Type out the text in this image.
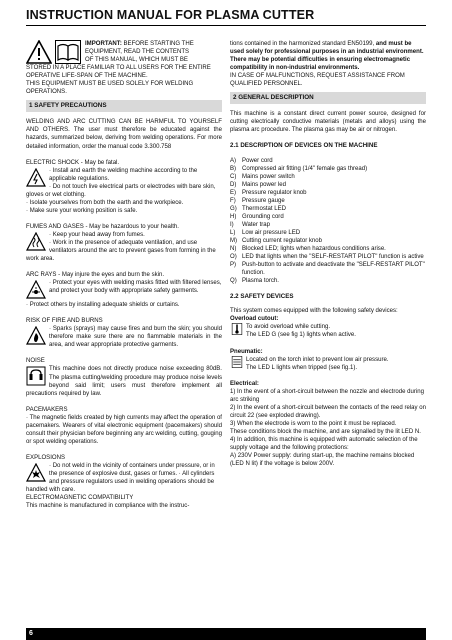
INSTRUCTION MANUAL FOR PLASMA CUTTER
IMPORTANT: BEFORE STARTING THE
EQUIPMENT, READ THE CONTENTS
OF THIS MANUAL, WHICH MUST BE

STORED IN A PLACE FAMILIAR TO ALL USERS FOR THE ENTIRE OPERATIVE LIFE-SPAN OF THE MACHINE.

THIS EQUIPMENT MUST BE USED SOLELY FOR WELDING OPERATIONS.

1 SAFETY PRECAUTIONS

WELDING AND ARC CUTTING CAN BE HARMFUL TO YOURSELF AND OTHERS. The user must therefore be educated against the hazards, summarized below, deriving from welding operations. For more detailed information, order the manual code 3.300.758

ELECTRIC SHOCK - May be fatal.

· Install and earth the welding machine according to the applicable regulations.

· Do not touch live electrical parts or electrodes with bare skin, gloves or wet clothing.

· Isolate yourselves from both the earth and the workpiece.

· Make sure your working position is safe.

FUMES AND GASES - May be hazardous to your health.

· Keep your head away from fumes.

· Work in the presence of adequate ventilation, and use ventilators around the arc to prevent gases from forming in the work area.

ARC RAYS - May injure the eyes and burn the skin.

· Protect your eyes with welding masks fitted with filtered lenses, and protect your body with appropriate safety garments.

· Protect others by installing adequate shields or curtains.

RISK OF FIRE AND BURNS

· Sparks (sprays) may cause fires and burn the skin; you should therefore make sure there are no flammable materials in the area, and wear appropriate protective garments.

NOISE

This machine does not directly produce noise exceeding 80dB. The plasma cutting/welding procedure may produce noise levels beyond said limit; users must therefore implement all precautions required by law.

PACEMAKERS

· The magnetic fields created by high currents may affect the operation of pacemakers. Wearers of vital electronic equipment (pacemakers) should consult their physician before beginning any arc welding, cutting, gouging or spot welding operations.

EXPLOSIONS

· Do not weld in the vicinity of containers under pressure, or in the presence of explosive dust, gases or fumes. · All cylinders and pressure regulators used in welding operations should be handled with care.

ELECTROMAGNETIC COMPATIBILITY

This machine is manufactured in compliance with the instruc-

tions contained in the harmonized standard EN50199, and must be used solely for professional purposes in an industrial environment. There may be potential difficulties in ensuring electromagnetic compatibility in non-industrial environments.

IN CASE OF MALFUNCTIONS, REQUEST ASSISTANCE FROM QUALIFIED PERSONNEL.

2 GENERAL DESCRIPTION

This machine is a constant direct current power source, designed for cutting electrically conductive materials (metals and alloys) using the plasma arc procedure. The plasma gas may be air or nitrogen.

2.1 DESCRIPTION OF DEVICES ON THE MACHINE

A) Power cord
B) Compressed air fitting (1/4" female gas thread)
C) Mains power switch
D) Mains power led
E) Pressure regulator knob
F)	Pressure gauge
G) Thermostat LED
H) Grounding cord
I)	Water trap
L)	Low air pressure LED
M) Cutting current regulator knob
N) Blocked LED; lights when hazardous conditions arise.
O) LED that lights when the "SELF-RESTART PILOT" function is active
P) Push-button to activate and deactivate the "SELF-RESTART PILOT" function.
Q) Plasma torch.

2.2 SAFETY DEVICES

This system comes equipped with the following safety devices:

Overload cutout:

To avoid overload while cutting.
The LED G (see fig 1) lights when active.

Pneumatic:

Located on the torch inlet to prevent low air pressure.
The LED L lights when tripped (see fig.1).

Electrical:

1) In the event of a short-circuit between the nozzle and electrode during arc striking

2) In the event of a short-circuit between the contacts of the reed relay on circuit 22 (see exploded drawing).

3) When the electrode is worn to the point it must be replaced.

These conditions block the machine, and are signalled by the lit LED N.

4) In addition, this machine is equipped with automatic selection of the supply voltage and the following protections:

A) 230V Power supply: during start-up, the machine remains blocked (LED N lit) if the voltage is below 200V.

6
